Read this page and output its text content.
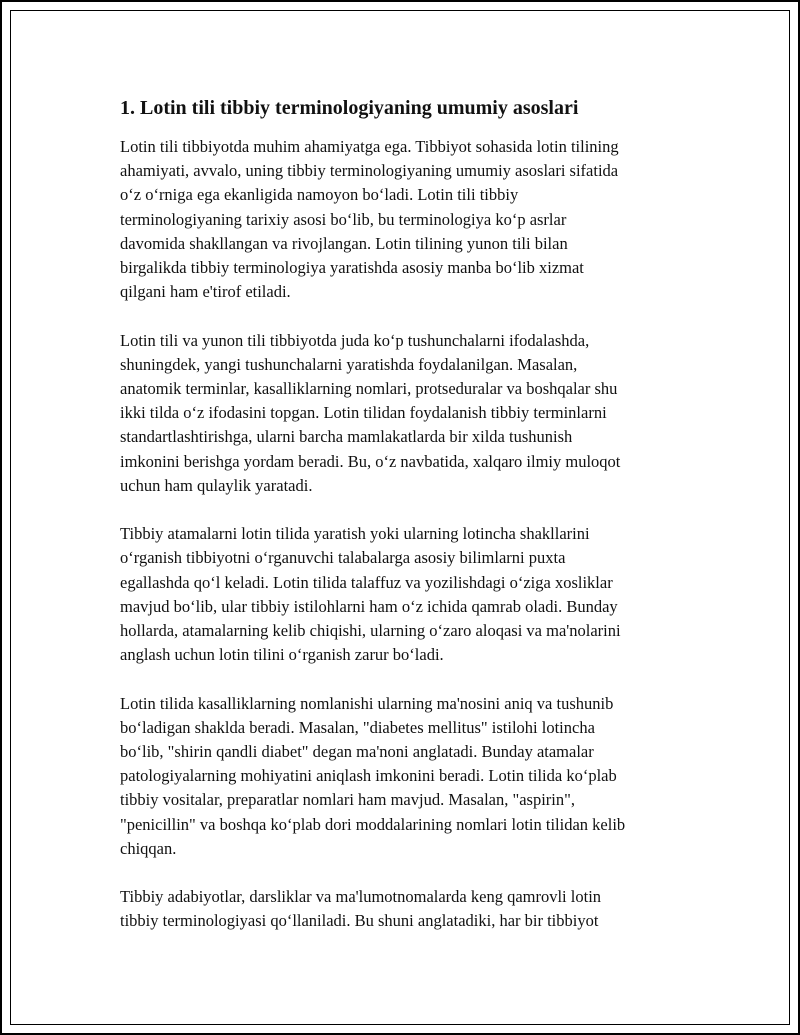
1. Lotin tili tibbiy terminologiyaning umumiy asoslari

Lotin tili tibbiyotda muhim ahamiyatga ega. Tibbiyot sohasida lotin tilining
ahamiyati, avvalo, uning tibbiy terminologiyaning umumiy asoslari sifatida
o‘z o‘rniga ega ekanligida namoyon bo‘ladi. Lotin tili tibbiy
terminologiyaning tarixiy asosi bo‘lib, bu terminologiya ko‘p asrlar
davomida shakllangan va rivojlangan. Lotin tilining yunon tili bilan
birgalikda tibbiy terminologiya yaratishda asosiy manba bo‘lib xizmat
qilgani ham e'tirof etiladi.

Lotin tili va yunon tili tibbiyotda juda ko‘p tushunchalarni ifodalashda,
shuningdek, yangi tushunchalarni yaratishda foydalanilgan. Masalan,
anatomik terminlar, kasalliklarning nomlari, protseduralar va boshqalar shu
ikki tilda o‘z ifodasini topgan. Lotin tilidan foydalanish tibbiy terminlarni
standartlashtirishga, ularni barcha mamlakatlarda bir xilda tushunish
imkonini berishga yordam beradi. Bu, o‘z navbatida, xalqaro ilmiy muloqot
uchun ham qulaylik yaratadi.

Tibbiy atamalarni lotin tilida yaratish yoki ularning lotincha shakllarini
o‘rganish tibbiyotni o‘rganuvchi talabalarga asosiy bilimlarni puxta
egallashda qo‘l keladi. Lotin tilida talaffuz va yozilishdagi o‘ziga xosliklar
mavjud bo‘lib, ular tibbiy istilohlarni ham o‘z ichida qamrab oladi. Bunday
hollarda, atamalarning kelib chiqishi, ularning o‘zaro aloqasi va ma'nolarini
anglash uchun lotin tilini o‘rganish zarur bo‘ladi.

Lotin tilida kasalliklarning nomlanishi ularning ma'nosini aniq va tushunib
bo‘ladigan shaklda beradi. Masalan, "diabetes mellitus" istilohi lotincha
bo‘lib, "shirin qandli diabet" degan ma'noni anglatadi. Bunday atamalar
patologiyalarning mohiyatini aniqlash imkonini beradi. Lotin tilida ko‘plab
tibbiy vositalar, preparatlar nomlari ham mavjud. Masalan, "aspirin",
"penicillin" va boshqa ko‘plab dori moddalarining nomlari lotin tilidan kelib
chiqqan.

Tibbiy adabiyotlar, darsliklar va ma'lumotnomalarda keng qamrovli lotin
tibbiy terminologiyasi qo‘llaniladi. Bu shuni anglatadiki, har bir tibbiyot
